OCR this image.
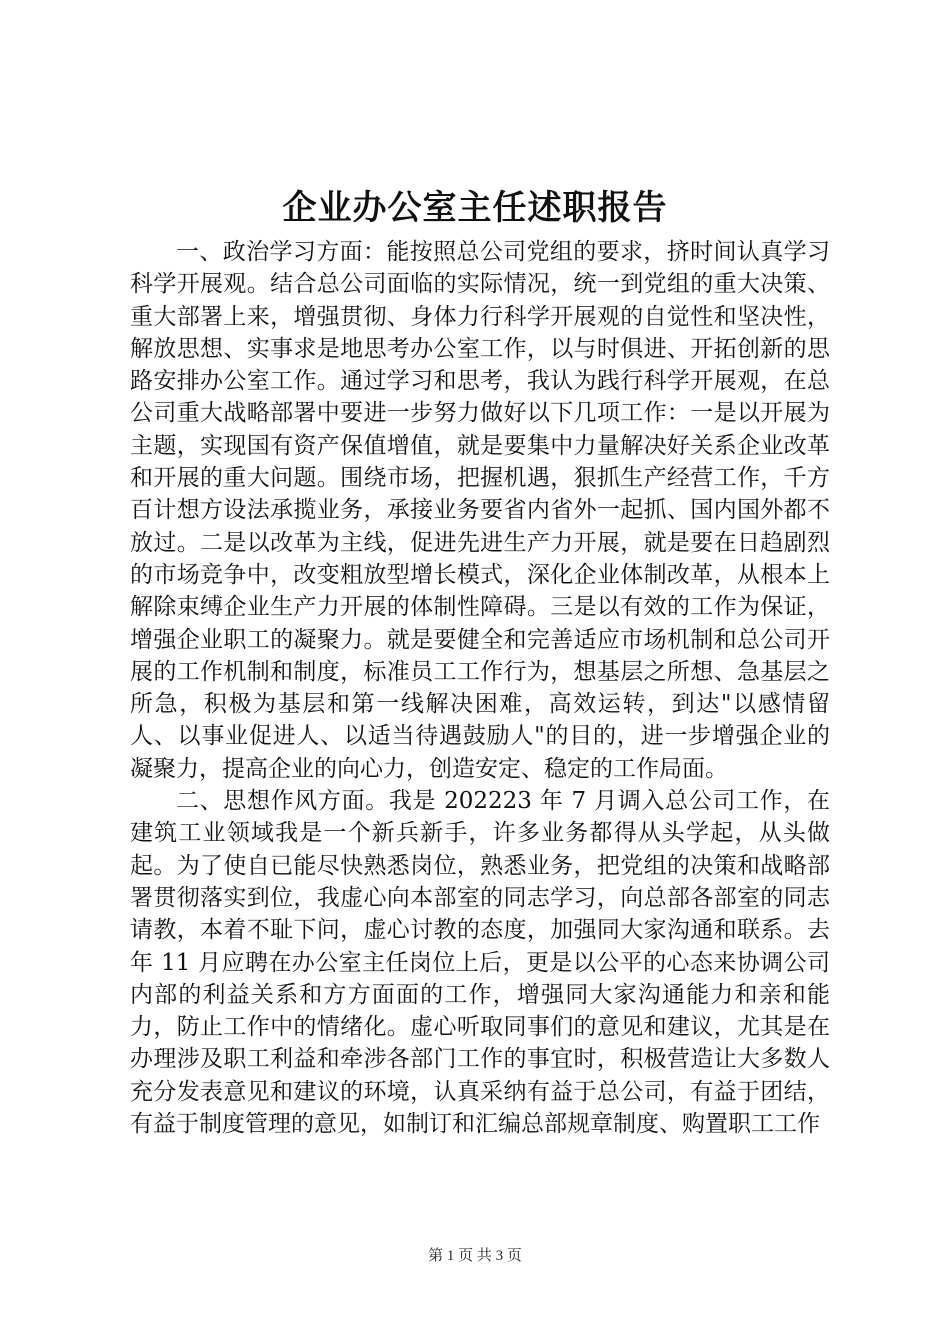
企业办公室主任述职报告

一、政治学习方面：能按照总公司党组的要求，挤时间认真学习科学开展观。结合总公司面临的实际情况，统一到党组的重大决策、重大部署上来，增强贯彻、身体力行科学开展观的自觉性和坚决性，解放思想、实事求是地思考办公室工作，以与时俱进、开拓创新的思路安排办公室工作。通过学习和思考，我认为践行科学开展观，在总公司重大战略部署中要进一步努力做好以下几项工作：一是以开展为主题，实现国有资产保值增值，就是要集中力量解决好关系企业改革和开展的重大问题。围绕市场，把握机遇，狠抓生产经营工作，千方百计想方设法承揽业务，承接业务要省内省外一起抓、国内国外都不放过。二是以改革为主线，促进先进生产力开展，就是要在日趋剧烈的市场竞争中，改变粗放型增长模式，深化企业体制改革，从根本上解除束缚企业生产力开展的体制性障碍。三是以有效的工作为保证，增强企业职工的凝聚力。就是要健全和完善适应市场机制和总公司开展的工作机制和制度，标准员工工作行为，想基层之所想、急基层之所急，积极为基层和第一线解决困难，高效运转，到达"以感情留人、以事业促进人、以适当待遇鼓励人"的目的，进一步增强企业的凝聚力，提高企业的向心力，创造安定、稳定的工作局面。

二、思想作风方面。我是 202223 年 7 月调入总公司工作，在建筑工业领域我是一个新兵新手，许多业务都得从头学起，从头做起。为了使自已能尽快熟悉岗位，熟悉业务，把党组的决策和战略部署贯彻落实到位，我虚心向本部室的同志学习，向总部各部室的同志请教，本着不耻下问，虚心讨教的态度，加强同大家沟通和联系。去年 11 月应聘在办公室主任岗位上后，更是以公平的心态来协调公司内部的利益关系和方方面面的工作，增强同大家沟通能力和亲和能力，防止工作中的情绪化。虚心听取同事们的意见和建议，尤其是在办理涉及职工利益和牵涉各部门工作的事宜时，积极营造让大多数人充分发表意见和建议的环境，认真采纳有益于总公司，有益于团结，有益于制度管理的意见，如制订和汇编总部规章制度、购置职工工作

第 1 页 共 3 页
